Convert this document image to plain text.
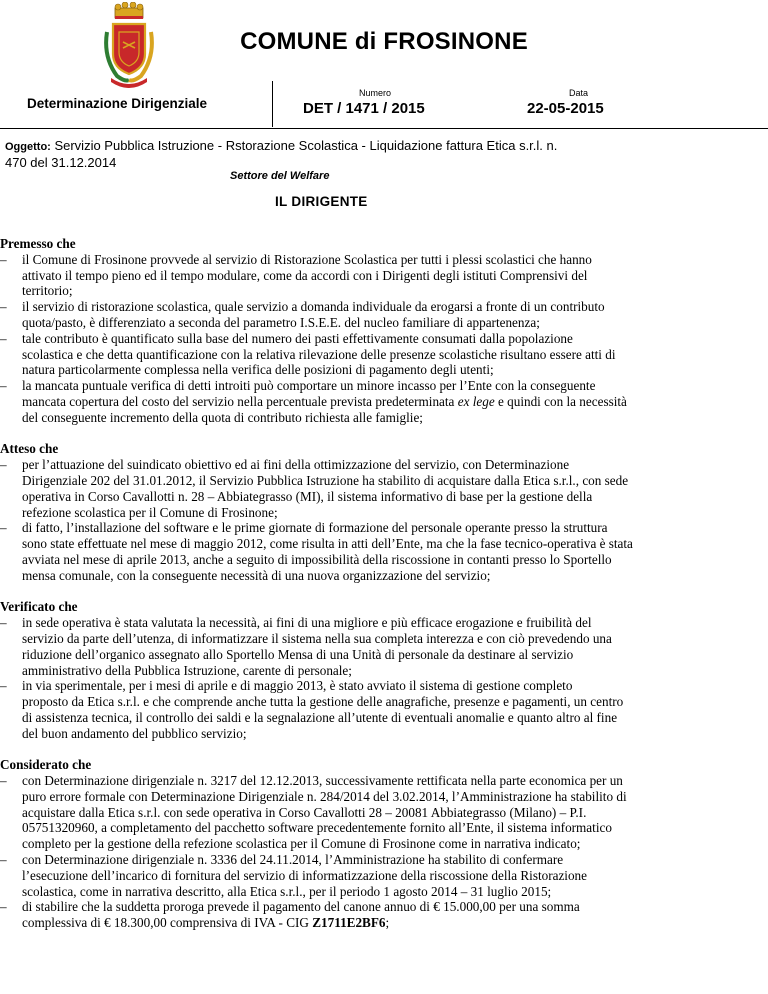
COMUNE di FROSINONE
Determinazione Dirigenziale
Numero
DET / 1471 / 2015
Data
22-05-2015
Oggetto: Servizio Pubblica Istruzione - Rstorazione Scolastica - Liquidazione fattura Etica s.r.l. n.
470 del 31.12.2014
Settore del Welfare
IL DIRIGENTE
Premesso che
– il Comune di Frosinone provvede al servizio di Ristorazione Scolastica per tutti i plessi scolastici che hanno
attivato il tempo pieno ed il tempo modulare, come da accordi con i Dirigenti degli istituti Comprensivi del
territorio;
– il servizio di ristorazione scolastica, quale servizio a domanda individuale da erogarsi a fronte di un contributo
quota/pasto, è differenziato a seconda del parametro I.S.E.E. del nucleo familiare di appartenenza;
– tale contributo è quantificato sulla base del numero dei pasti effettivamente consumati dalla popolazione
scolastica e che detta quantificazione con la relativa rilevazione delle presenze scolastiche risultano essere atti di
natura particolarmente complessa nella verifica delle posizioni di pagamento degli utenti;
– la mancata puntuale verifica di detti introiti può comportare un minore incasso per l’Ente con la conseguente
mancata copertura del costo del servizio nella percentuale prevista predeterminata ex lege e quindi con la necessità
del conseguente incremento della quota di contributo richiesta alle famiglie;
Atteso che
– per l’attuazione del suindicato obiettivo ed ai fini della ottimizzazione del servizio, con Determinazione
Dirigenziale 202 del 31.01.2012, il Servizio Pubblica Istruzione ha stabilito di acquistare dalla Etica s.r.l., con sede
operativa in Corso Cavallotti n. 28 – Abbiategrasso (MI), il sistema informativo di base per la gestione della
refezione scolastica per il Comune di Frosinone;
– di fatto, l’installazione del software e le prime giornate di formazione del personale operante presso la struttura
sono state effettuate nel mese di maggio 2012, come risulta in atti dell’Ente, ma che la fase tecnico-operativa è stata
avviata nel mese di aprile 2013, anche a seguito di impossibilità della riscossione in contanti presso lo Sportello
mensa comunale, con la conseguente necessità di una nuova organizzazione del servizio;
Verificato che
– in sede operativa è stata valutata la necessità, ai fini di una migliore e più efficace erogazione e fruibilità del
servizio da parte dell’utenza, di informatizzare il sistema nella sua completa interezza e con ciò prevedendo una
riduzione dell’organico assegnato allo Sportello Mensa di una Unità di personale da destinare al servizio
amministrativo della Pubblica Istruzione, carente di personale;
– in via sperimentale, per i mesi di aprile e di maggio 2013, è stato avviato il sistema di gestione completo
proposto da Etica s.r.l. e che comprende anche tutta la gestione delle anagrafiche, presenze e pagamenti, un centro
di assistenza tecnica, il controllo dei saldi e la segnalazione all’utente di eventuali anomalie e quanto altro al fine
del buon andamento del pubblico servizio;
Considerato che
– con Determinazione dirigenziale n. 3217 del 12.12.2013, successivamente rettificata nella parte economica per un
puro errore formale con Determinazione Dirigenziale n. 284/2014 del 3.02.2014, l’Amministrazione ha stabilito di
acquistare dalla Etica s.r.l. con sede operativa in Corso Cavallotti 28 – 20081 Abbiategrasso (Milano) – P.I.
05751320960, a completamento del pacchetto software precedentemente fornito all’Ente, il sistema informatico
completo per la gestione della refezione scolastica per il Comune di Frosinone come in narrativa indicato;
– con Determinazione dirigenziale n. 3336 del 24.11.2014, l’Amministrazione ha stabilito di confermare
l’esecuzione dell’incarico di fornitura del servizio di informatizzazione della riscossione della Ristorazione
scolastica, come in narrativa descritto, alla Etica s.r.l., per il periodo 1 agosto 2014 – 31 luglio 2015;
– di stabilire che la suddetta proroga prevede il pagamento del canone annuo di € 15.000,00 per una somma
complessiva di € 18.300,00 comprensiva di IVA - CIG Z1711E2BF6;
